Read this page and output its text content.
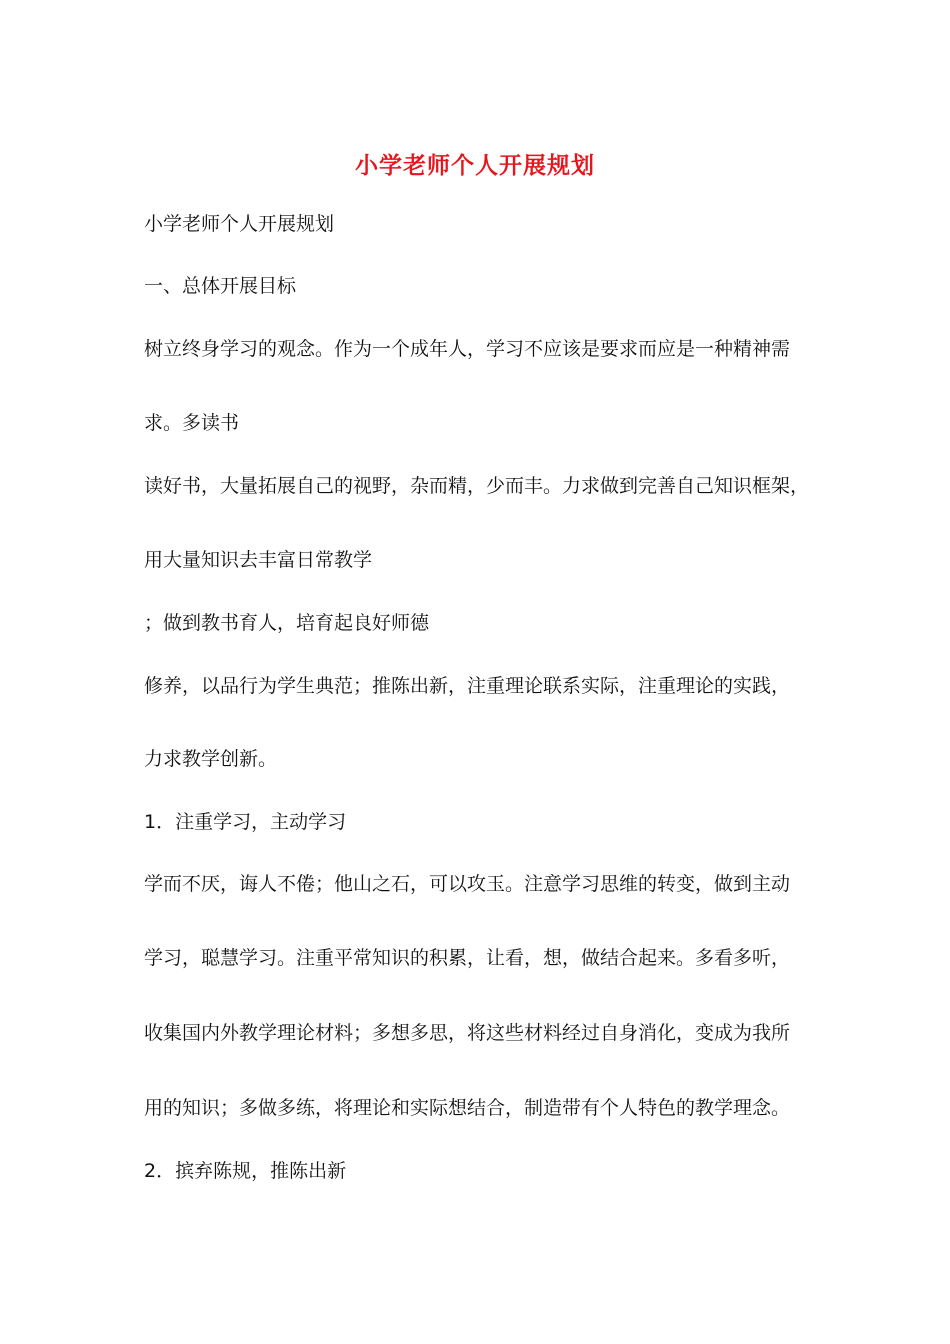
小学老师个人开展规划
小学老师个人开展规划
一、总体开展目标
树立终身学习的观念。作为一个成年人，学习不应该是要求而应是一种精神需
求。多读书
读好书，大量拓展自己的视野，杂而精，少而丰。力求做到完善自己知识框架，
用大量知识去丰富日常教学
；做到教书育人，培育起良好师德
修养，以品行为学生典范；推陈出新，注重理论联系实际，注重理论的实践，
力求教学创新。
1．注重学习，主动学习
学而不厌，诲人不倦；他山之石，可以攻玉。注意学习思维的转变，做到主动
学习，聪慧学习。注重平常知识的积累，让看，想，做结合起来。多看多听，
收集国内外教学理论材料；多想多思，将这些材料经过自身消化，变成为我所
用的知识；多做多练，将理论和实际想结合，制造带有个人特色的教学理念。
2．摈弃陈规，推陈出新
